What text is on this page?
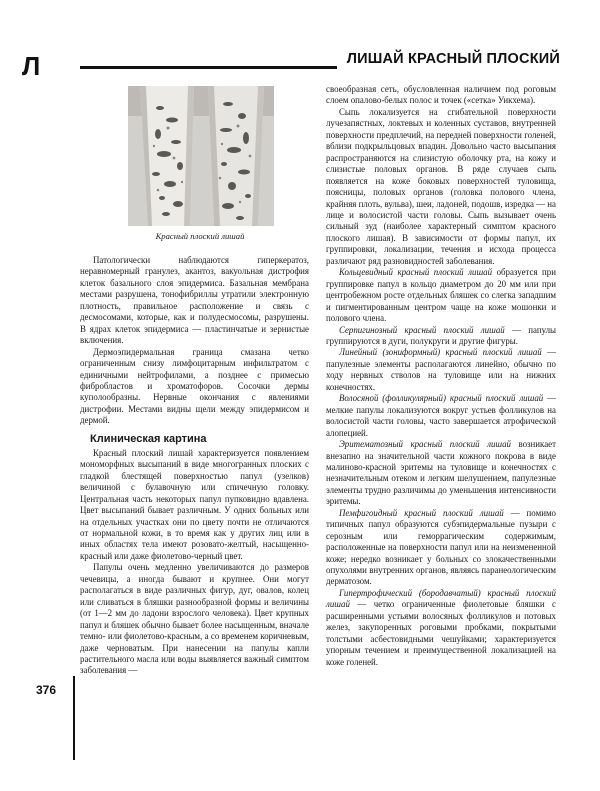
Л	ЛИШАЙ КРАСНЫЙ ПЛОСКИЙ
Красный плоский лишай

Патологически наблюдаются гиперкератоз, неравномерный гранулез, акантоз, вакуольная дистрофия клеток базального слоя эпидермиса. Базальная мембрана местами разрушена, тонофибриллы утратили электронную плотность, правильное расположение и связь с десмосомами, которые, как и полудесмосомы, разрушены. В ядрах клеток эпидермиса — пластинчатые и зернистые включения.

Дермоэпидермальная граница смазана четко ограниченным снизу лимфоцитарным инфильтратом с единичными нейтрофилами, а позднее с примесью фибробластов и хроматофоров. Сосочки дермы куполообразны. Нервные окончания с явлениями дистрофии. Местами видны щели между эпидермисом и дермой.

Клиническая картина

Красный плоский лишай характеризуется появлением мономорфных высыпаний в виде многогранных плоских с гладкой блестящей поверхностью папул (узелков) величиной с булавочную или спичечную головку. Центральная часть некоторых папул пупковидно вдавлена. Цвет высыпаний бывает различным. У одних больных или на отдельных участках они по цвету почти не отличаются от нормальной кожи, в то время как у других лиц или в иных областях тела имеют розовато-желтый, насыщенно-красный или даже фиолетово-черный цвет.

Папулы очень медленно увеличиваются до размеров чечевицы, а иногда бывают и крупнее. Они могут располагаться в виде различных фигур, дуг, овалов, колец или сливаться в бляшки разнообразной формы и величины (от 1—2 мм до ладони взрослого человека). Цвет крупных папул и бляшек обычно бывает более насыщенным, вначале темно- или фиолетово-красным, а со временем коричневым, даже черноватым. При нанесении на папулы капли растительного масла или воды выявляется важный симптом заболевания —

своеобразная сеть, обусловленная наличием под роговым слоем опалово-белых полос и точек («сетка» Уикхема).

Сыпь локализуется на сгибательной поверхности лучезапястных, локтевых и коленных суставов, внутренней поверхности предплечий, на передней поверхности голеней, вблизи подкрыльцовых впадин. Довольно часто высыпания распространяются на слизистую оболочку рта, на кожу и слизистые половых органов. В ряде случаев сыпь появляется на коже боковых поверхностей туловища, поясницы, половых органов (головка полового члена, крайняя плоть, вульва), шеи, ладоней, подошв, изредка — на лице и волосистой части головы. Сыпь вызывает очень сильный зуд (наиболее характерный симптом красного плоского лишая). В зависимости от формы папул, их группировки, локализации, течения и исхода процесса различают ряд разновидностей заболевания.

Кольцевидный красный плоский лишай образуется при группировке папул в кольцо диаметром до 20 мм или при центробежном росте отдельных бляшек со слегка западшим и пигментированным центром чаще на коже мошонки и полового члена.

Серпигинозный красный плоский лишай — папулы группируются в дуги, полукруги и другие фигуры.

Линейный (зониформный) красный плоский лишай — папулезные элементы располагаются линейно, обычно по ходу нервных стволов на туловище или на нижних конечностях.

Волосяной (фолликулярный) красный плоский лишай — мелкие папулы локализуются вокруг устьев фолликулов на волосистой части головы, часто завершается атрофической алопецией.

Эритематозный красный плоский лишай возникает внезапно на значительной части кожного покрова в виде малиново-красной эритемы на туловище и конечностях с незначительным отеком и легким шелушением, папулезные элементы трудно различимы до уменьшения интенсивности эритемы.

Пемфигоидный красный плоский лишай — помимо типичных папул образуются субэпидермальные пузыри с серозным или геморрагическим содержимым, расположенные на поверхности папул или на неизмененной коже; нередко возникает у больных со злокачественными опухолями внутренних органов, являясь паранеологическим дерматозом.

Гипертрофический (бородавчатый) красный плоский лишай — четко ограниченные фиолетовые бляшки с расширенными устьями волосяных фолликулов и потовых желез, закупоренных роговыми пробками, покрытыми толстыми асбестовидными чешуйками; характеризуется упорным течением и преимущественной локализацией на коже голеней.

376
